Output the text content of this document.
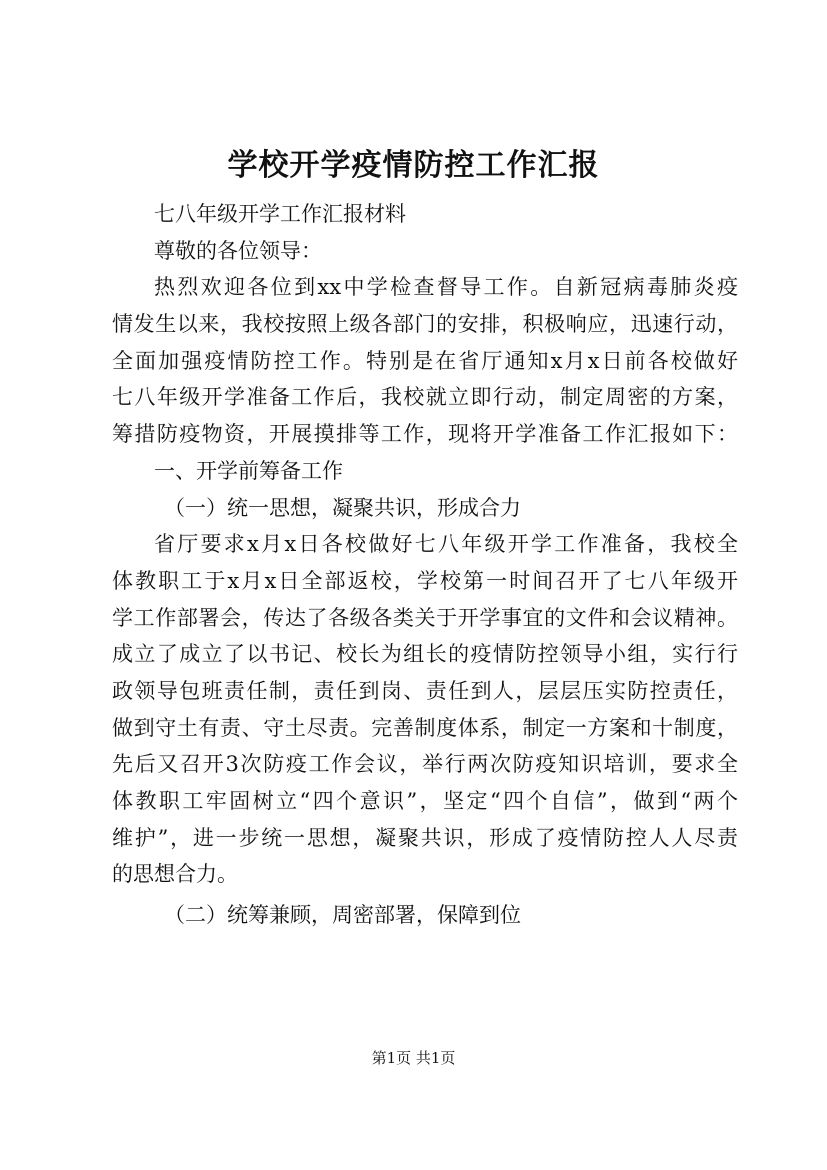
学校开学疫情防控工作汇报
七八年级开学工作汇报材料
尊敬的各位领导：
热烈欢迎各位到xx中学检查督导工作。自新冠病毒肺炎疫
情发生以来，我校按照上级各部门的安排，积极响应，迅速行动，
全面加强疫情防控工作。特别是在省厅通知x月x日前各校做好
七八年级开学准备工作后，我校就立即行动，制定周密的方案，
筹措防疫物资，开展摸排等工作，现将开学准备工作汇报如下：
一、开学前筹备工作
（一）统一思想，凝聚共识，形成合力
省厅要求x月x日各校做好七八年级开学工作准备，我校全
体教职工于x月x日全部返校，学校第一时间召开了七八年级开
学工作部署会，传达了各级各类关于开学事宜的文件和会议精神。
成立了成立了以书记、校长为组长的疫情防控领导小组，实行行
政领导包班责任制，责任到岗、责任到人，层层压实防控责任，
做到守土有责、守土尽责。完善制度体系，制定一方案和十制度，
先后又召开3次防疫工作会议，举行两次防疫知识培训，要求全
体教职工牢固树立“四个意识”，坚定“四个自信”，做到“两个
维护”，进一步统一思想，凝聚共识，形成了疫情防控人人尽责
的思想合力。
（二）统筹兼顾，周密部署，保障到位
第1页 共1页
